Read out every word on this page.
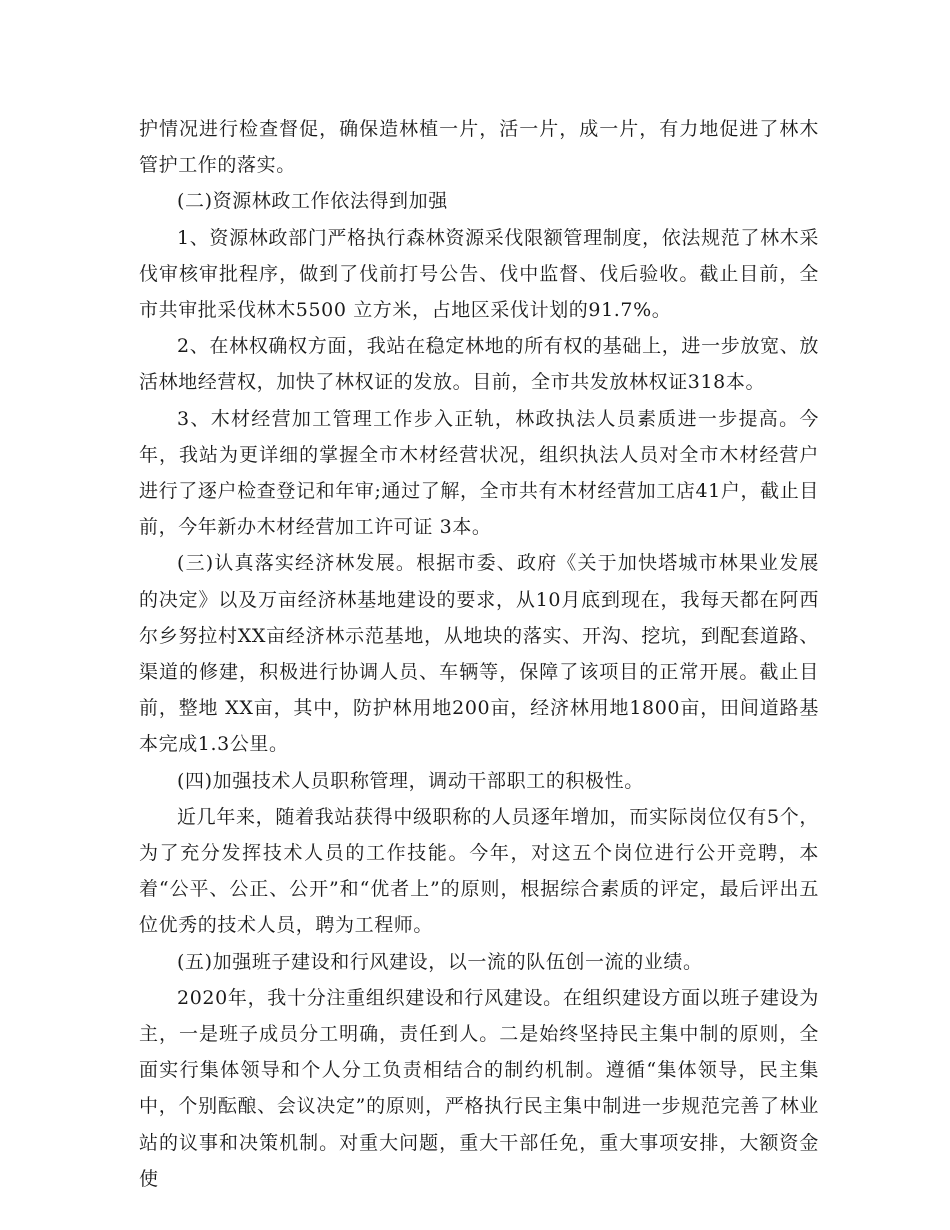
护情况进行检查督促，确保造林植一片，活一片，成一片，有力地促进了林木管护工作的落实。

(二)资源林政工作依法得到加强

1、资源林政部门严格执行森林资源采伐限额管理制度，依法规范了林木采伐审核审批程序，做到了伐前打号公告、伐中监督、伐后验收。截止目前，全市共审批采伐林木5500 立方米，占地区采伐计划的91.7%。

2、在林权确权方面，我站在稳定林地的所有权的基础上，进一步放宽、放活林地经营权，加快了林权证的发放。目前，全市共发放林权证318本。

3、木材经营加工管理工作步入正轨，林政执法人员素质进一步提高。今年，我站为更详细的掌握全市木材经营状况，组织执法人员对全市木材经营户进行了逐户检查登记和年审;通过了解，全市共有木材经营加工店41户，截止目前，今年新办木材经营加工许可证 3本。

(三)认真落实经济林发展。根据市委、政府《关于加快塔城市林果业发展的决定》以及万亩经济林基地建设的要求，从10月底到现在，我每天都在阿西尔乡努拉村XX亩经济林示范基地，从地块的落实、开沟、挖坑，到配套道路、渠道的修建，积极进行协调人员、车辆等，保障了该项目的正常开展。截止目前，整地 XX亩，其中，防护林用地200亩，经济林用地1800亩，田间道路基本完成1.3公里。

(四)加强技术人员职称管理，调动干部职工的积极性。

近几年来，随着我站获得中级职称的人员逐年增加，而实际岗位仅有5个，为了充分发挥技术人员的工作技能。今年，对这五个岗位进行公开竞聘，本着“公平、公正、公开”和“优者上”的原则，根据综合素质的评定，最后评出五位优秀的技术人员，聘为工程师。

(五)加强班子建设和行风建设，以一流的队伍创一流的业绩。

2020年，我十分注重组织建设和行风建设。在组织建设方面以班子建设为主，一是班子成员分工明确，责任到人。二是始终坚持民主集中制的原则，全面实行集体领导和个人分工负责相结合的制约机制。遵循“集体领导，民主集中，个别酝酿、会议决定”的原则，严格执行民主集中制进一步规范完善了林业站的议事和决策机制。对重大问题，重大干部任免，重大事项安排，大额资金使
